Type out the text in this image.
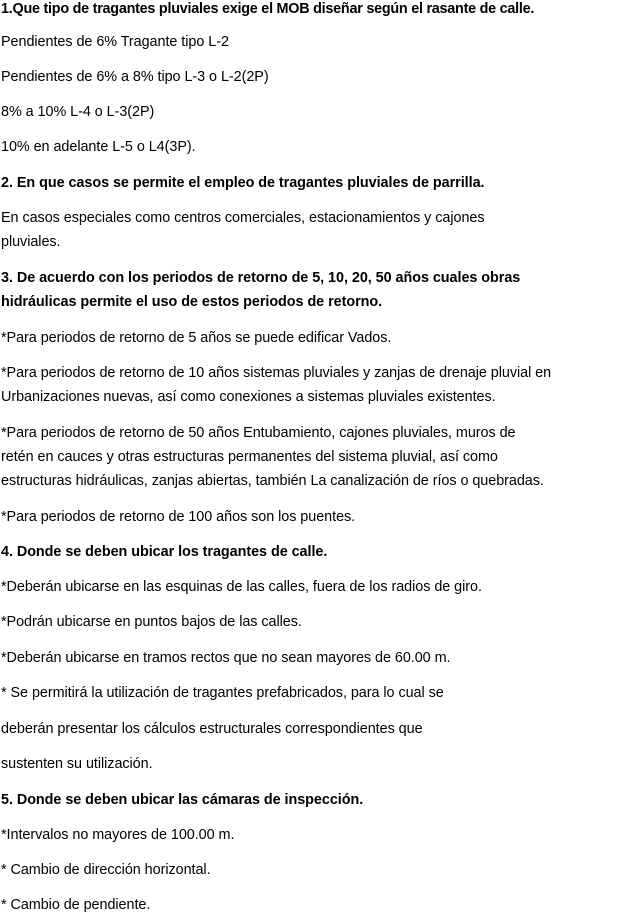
1.Que tipo de tragantes pluviales exige el MOB diseñar según el rasante de calle.
Pendientes de 6% Tragante tipo L-2
Pendientes de 6% a 8% tipo L-3 o L-2(2P)
8% a 10% L-4 o L-3(2P)
10% en adelante L-5 o L4(3P).
2. En que casos se permite el empleo de tragantes pluviales de parrilla.
En casos especiales como centros comerciales, estacionamientos y cajones
pluviales.
3. De acuerdo con los periodos de retorno de 5, 10, 20, 50 años cuales obras
hidráulicas permite el uso de estos periodos de retorno.
*Para periodos de retorno de 5 años se puede edificar Vados.
*Para periodos de retorno de 10 años sistemas pluviales y zanjas de drenaje pluvial en
Urbanizaciones nuevas, así como conexiones a sistemas pluviales existentes.
*Para periodos de retorno de 50 años Entubamiento, cajones pluviales, muros de
retén en cauces y otras estructuras permanentes del sistema pluvial, así como
estructuras hidráulicas, zanjas abiertas, también La canalización de ríos o quebradas.
*Para periodos de retorno de 100 años son los puentes.
4. Donde se deben ubicar los tragantes de calle.
*Deberán ubicarse en las esquinas de las calles, fuera de los radios de giro.
*Podrán ubicarse en puntos bajos de las calles.
*Deberán ubicarse en tramos rectos que no sean mayores de 60.00 m.
* Se permitirá la utilización de tragantes prefabricados, para lo cual se
deberán presentar los cálculos estructurales correspondientes que
sustenten su utilización.
5. Donde se deben ubicar las cámaras de inspección.
*Intervalos no mayores de 100.00 m.
* Cambio de dirección horizontal.
* Cambio de pendiente.
